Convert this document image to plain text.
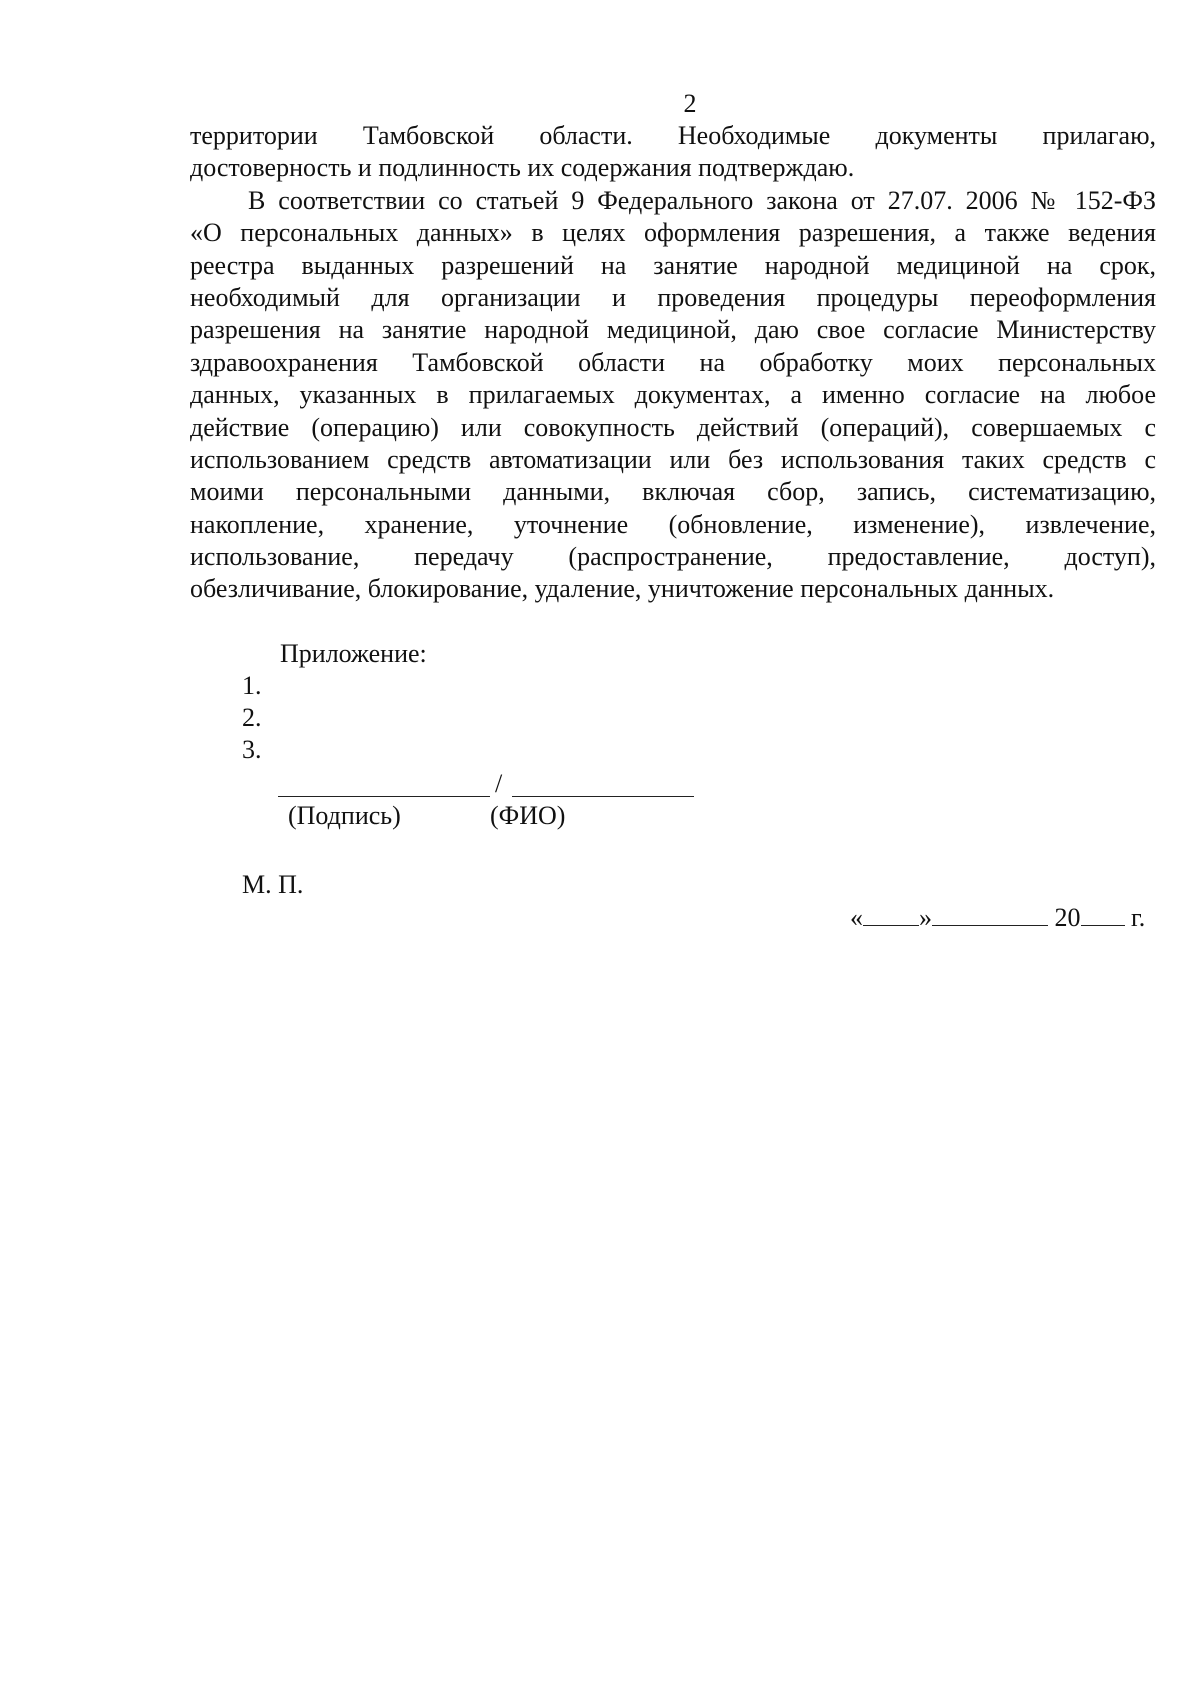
2
территории Тамбовской области. Необходимые документы прилагаю,
достоверность и подлинность их содержания подтверждаю.
В соответствии со статьей 9 Федерального закона от 27.07. 2006 № 152-ФЗ
«О персональных данных» в целях оформления разрешения, а также ведения
реестра выданных разрешений на занятие народной медициной на срок,
необходимый для организации и проведения процедуры переоформления
разрешения на занятие народной медициной, даю свое согласие Министерству
здравоохранения Тамбовской области на обработку моих персональных
данных, указанных в прилагаемых документах, а именно согласие на любое
действие (операцию) или совокупность действий (операций), совершаемых с
использованием средств автоматизации или без использования таких средств с
моими персональными данными, включая сбор, запись, систематизацию,
накопление, хранение, уточнение (обновление, изменение), извлечение,
использование, передачу (распространение, предоставление, доступ),
обезличивание, блокирование, удаление, уничтожение персональных данных.
Приложение:
1.
2.
3.
/
(Подпись)	(ФИО)
М. П.
« »	20 г.
